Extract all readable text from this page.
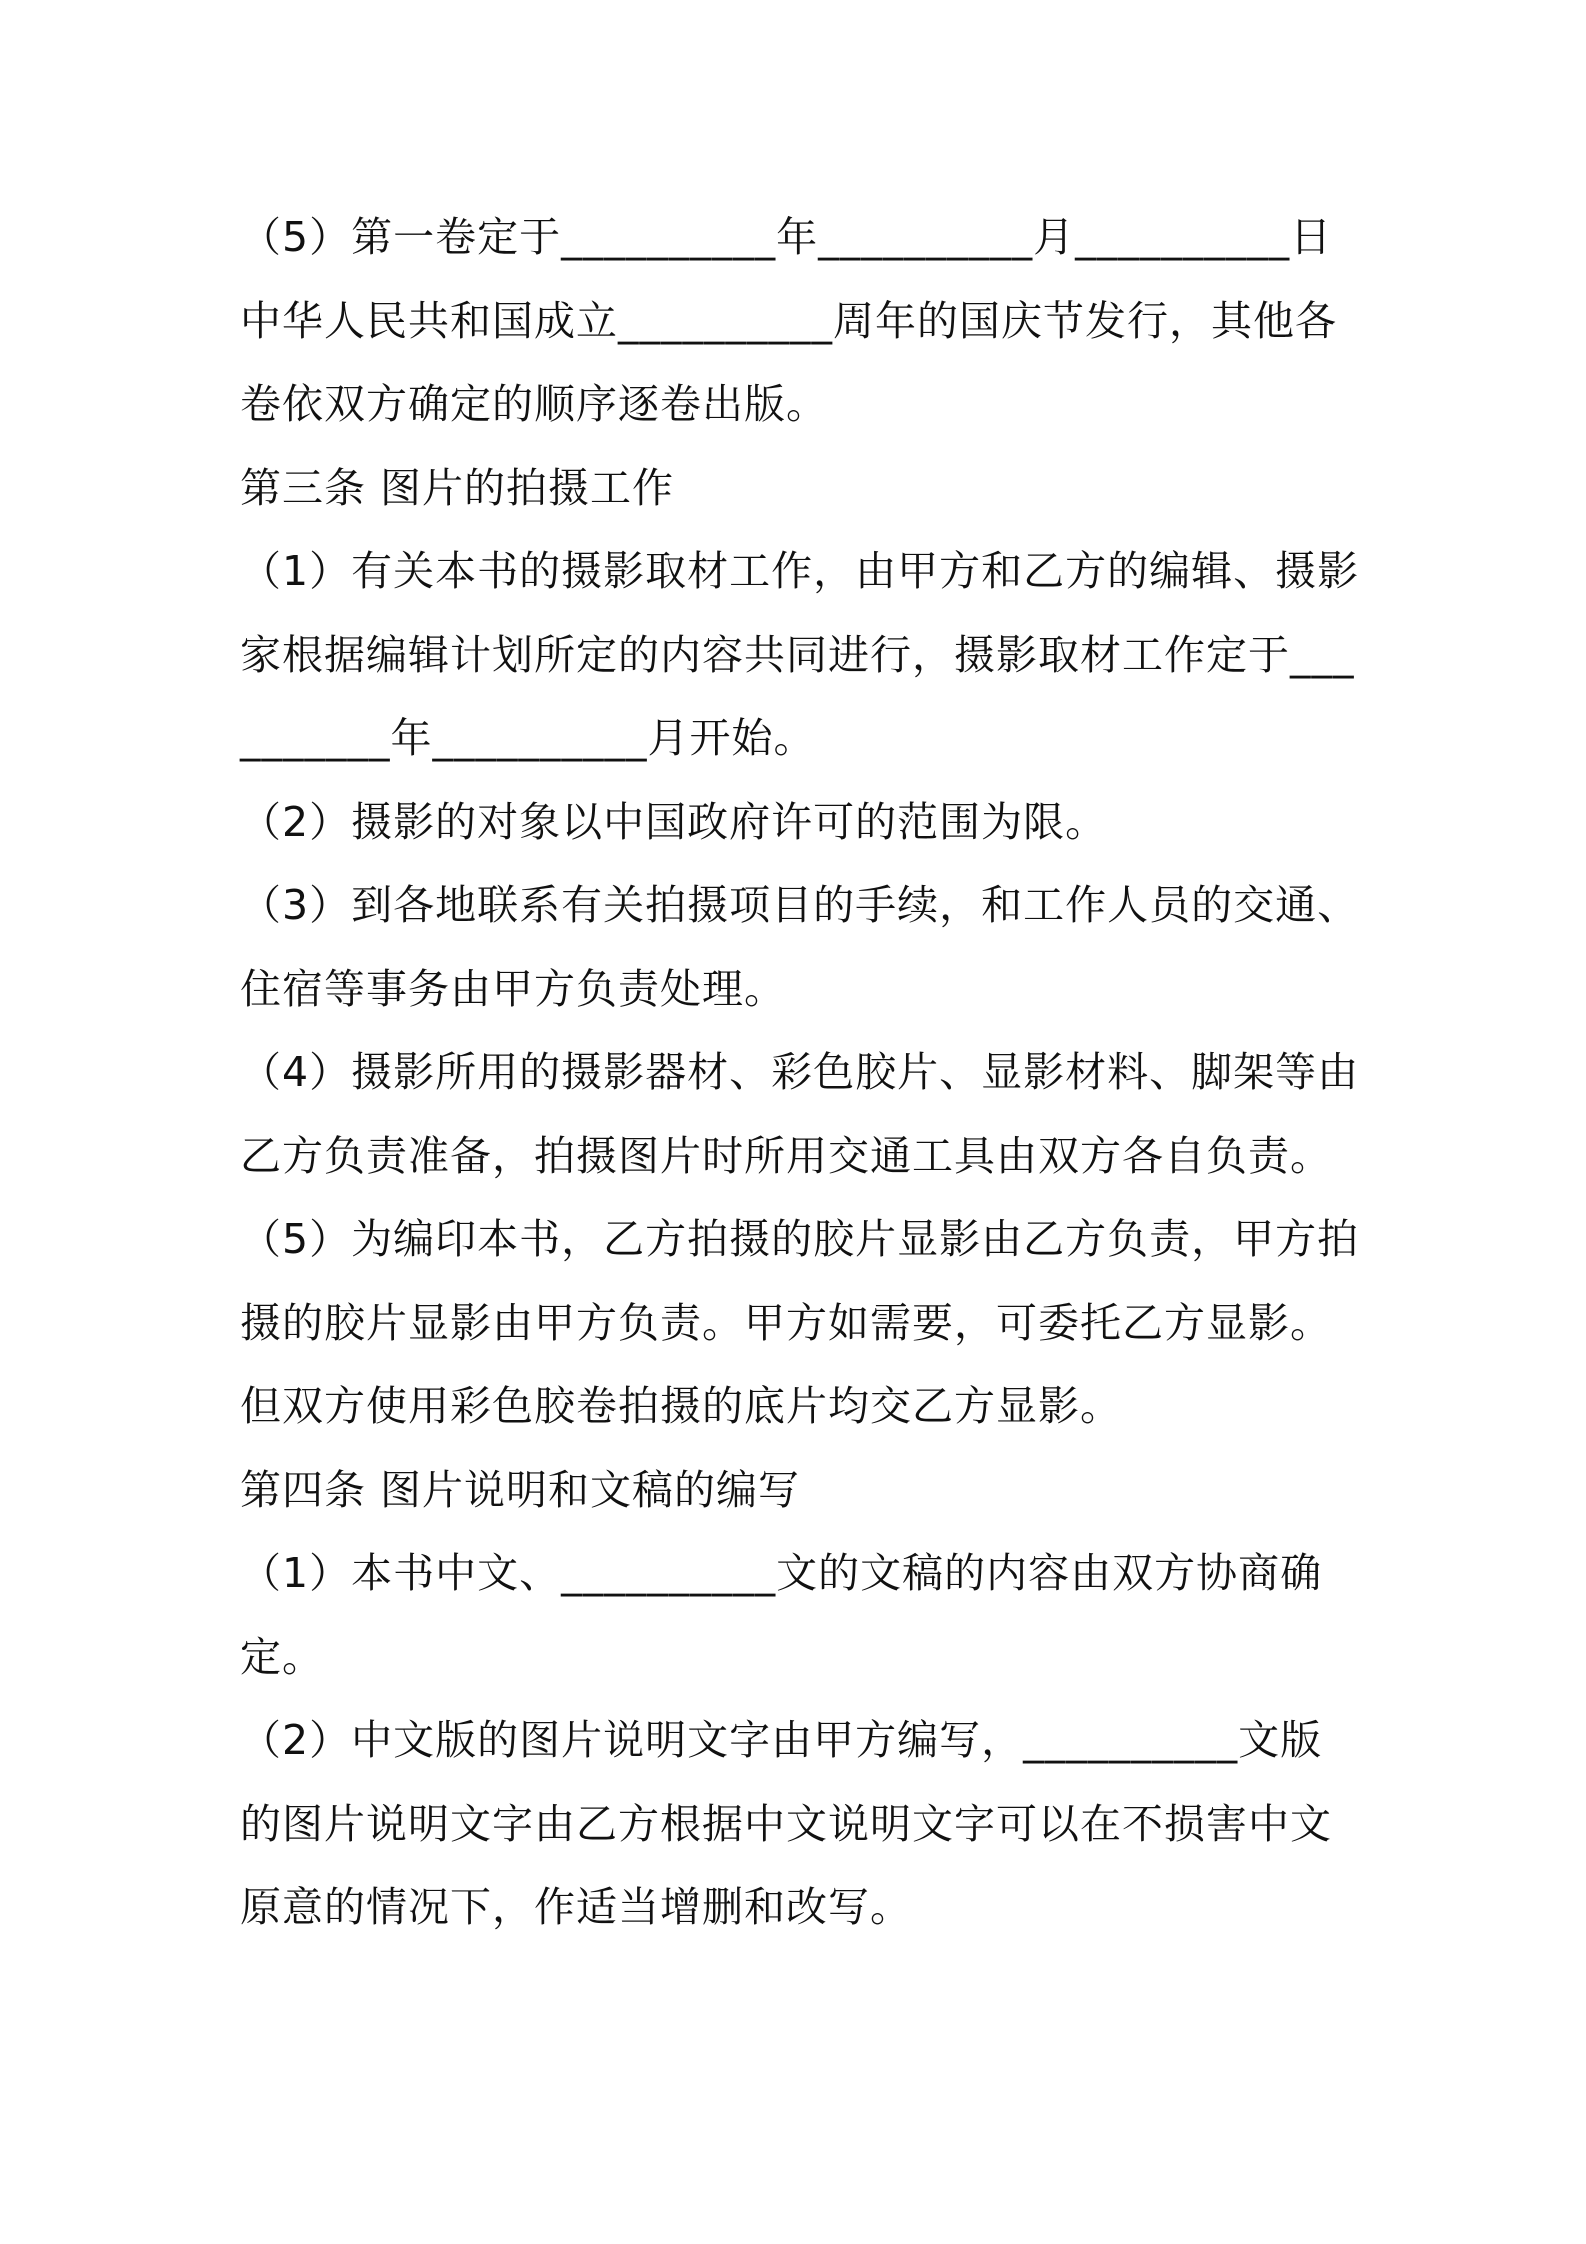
（5）第一卷定于__________年__________月__________日中华人民共和国成立__________周年的国庆节发行，其他各卷依双方确定的顺序逐卷出版。

第三条 图片的拍摄工作

（1）有关本书的摄影取材工作，由甲方和乙方的编辑、摄影家根据编辑计划所定的内容共同进行，摄影取材工作定于__________年__________月开始。

（2）摄影的对象以中国政府许可的范围为限。

（3）到各地联系有关拍摄项目的手续，和工作人员的交通、住宿等事务由甲方负责处理。

（4）摄影所用的摄影器材、彩色胶片、显影材料、脚架等由乙方负责准备，拍摄图片时所用交通工具由双方各自负责。

（5）为编印本书，乙方拍摄的胶片显影由乙方负责，甲方拍摄的胶片显影由甲方负责。甲方如需要，可委托乙方显影。但双方使用彩色胶卷拍摄的底片均交乙方显影。

第四条 图片说明和文稿的编写

（1）本书中文、__________文的文稿的内容由双方协商确定。

（2）中文版的图片说明文字由甲方编写，__________文版的图片说明文字由乙方根据中文说明文字可以在不损害中文原意的情况下，作适当增删和改写。
